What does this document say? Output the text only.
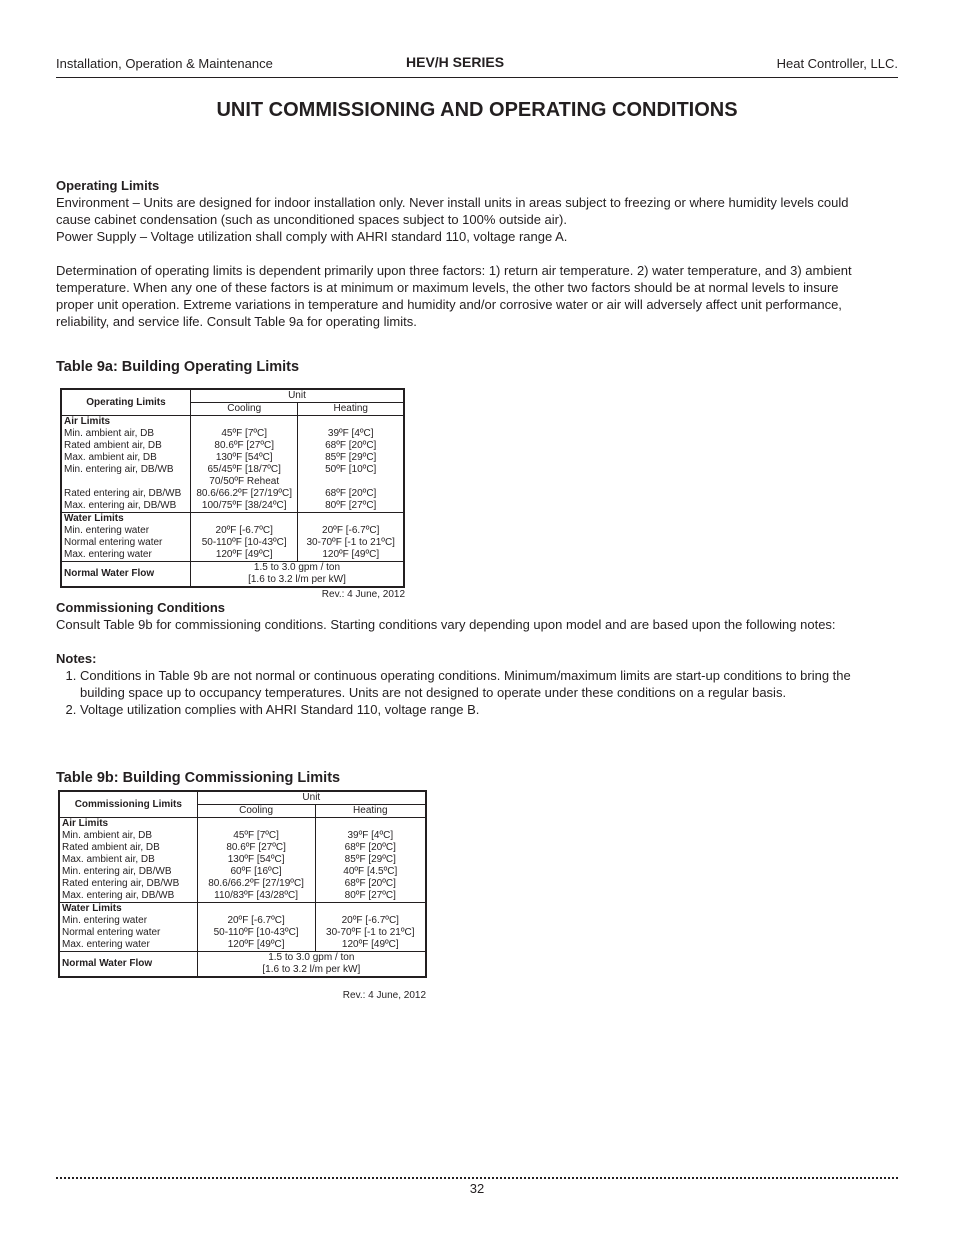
Installation, Operation & Maintenance	HEV/H SERIES	Heat Controller, LLC.
UNIT COMMISSIONING AND OPERATING CONDITIONS

Operating Limits

Environment – Units are designed for indoor installation only. Never install units in areas subject to freezing or where humidity levels could cause cabinet condensation (such as unconditioned spaces subject to 100% outside air).

Power Supply – Voltage utilization shall comply with AHRI standard 110, voltage range A.

Determination of operating limits is dependent primarily upon three factors: 1) return air temperature. 2) water temperature, and 3) ambient temperature. When any one of these factors is at minimum or maximum levels, the other two factors should be at normal levels to insure proper unit operation. Extreme variations in temperature and humidity and/or corrosive water or air will adversely affect unit performance, reliability, and service life. Consult Table 9a for operating limits.

Table 9a: Building Operating Limits
Operating Limits	Unit	
	Cooling	Heating
Air Limits		
Min. ambient air, DB	45ºF [7ºC]	39ºF [4ºC]
Rated ambient air, DB	80.6ºF [27ºC]	68ºF [20ºC]
Max. ambient air, DB	130ºF [54ºC]	85ºF [29ºC]
Min. entering air, DB/WB	65/45ºF [18/7ºC]	50ºF [10ºC]
	70/50ºF Reheat	
Rated entering air, DB/WB	80.6/66.2ºF [27/19ºC]	68ºF [20ºC]
Max. entering air, DB/WB	100/75ºF [38/24ºC]	80ºF [27ºC]
Water Limits		
Min. entering water	20ºF [-6.7ºC]	20ºF [-6.7ºC]
Normal entering water	50-110ºF [10-43ºC]	30-70ºF [-1 to 21ºC]
Max. entering water	120ºF [49ºC]	120ºF [49ºC]
Normal Water Flow	1.5 to 3.0 gpm / ton
[1.6 to 3.2 l/m per kW]	
Rev.: 4 June, 2012

Commissioning Conditions

Consult Table 9b for commissioning conditions. Starting conditions vary depending upon model and are based upon the following notes:

Notes:

1. Conditions in Table 9b are not normal or continuous operating conditions. Minimum/maximum limits are start-up conditions to bring the building space up to occupancy temperatures. Units are not designed to operate under these conditions on a regular basis.
2. Voltage utilization complies with AHRI Standard 110, voltage range B.
Table 9b: Building Commissioning Limits
Commissioning Limits	Unit	
	Cooling	Heating
Air Limits		
Min. ambient air, DB	45ºF [7ºC]	39ºF [4ºC]
Rated ambient air, DB	80.6ºF [27ºC]	68ºF [20ºC]
Max. ambient air, DB	130ºF [54ºC]	85ºF [29ºC]
Min. entering air, DB/WB	60ºF [16ºC]	40ºF [4.5ºC]
Rated entering air, DB/WB	80.6/66.2ºF [27/19ºC]	68ºF [20ºC]
Max. entering air, DB/WB	110/83ºF [43/28ºC]	80ºF [27ºC]
Water Limits		
Min. entering water	20ºF [-6.7ºC]	20ºF [-6.7ºC]
Normal entering water	50-110ºF [10-43ºC]	30-70ºF [-1 to 21ºC]
Max. entering water	120ºF [49ºC]	120ºF [49ºC]
Normal Water Flow	1.5 to 3.0 gpm / ton
[1.6 to 3.2 l/m per kW]	
Rev.: 4 June, 2012
32
